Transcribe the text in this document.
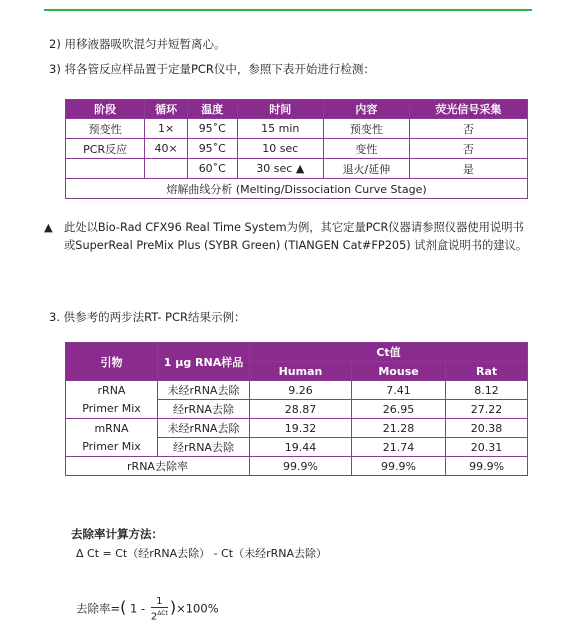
2) 用移液器吸吹混匀并短暂离心。
3) 将各管反应样品置于定量PCR仪中，参照下表开始进行检测：
阶段	循环	温度	时间	内容	荧光信号采集
预变性	1×	95˚C	15 min	预变性	否
PCR反应	40×	95˚C	10 sec	变性	否
		60˚C	30 sec ▲	退火/延伸	是
熔解曲线分析 (Melting/Dissociation Curve Stage)					
▲ 此处以Bio-Rad CFX96 Real Time System为例，其它定量PCR仪器请参照仪器使用说明书或SuperReal PreMix Plus (SYBR Green) (TIANGEN Cat#FP205) 试剂盒说明书的建议。
3. 供参考的两步法RT- PCR结果示例：
引物	1 μg RNA样品	Ct值		
		Human	Mouse	Rat
rRNA	未经rRNA去除	9.26	7.41	8.12
Primer Mix	经rRNA去除	28.87	26.95	27.22
mRNA	未经rRNA去除	19.32	21.28	20.38
Primer Mix	经rRNA去除	19.44	21.74	20.31
rRNA去除率		99.9%	99.9%	99.9%
去除率计算方法：
Δ Ct = Ct（经rRNA去除） - Ct（未经rRNA去除）
去除率=( $1 - \frac{1}{2^{\Delta Ct}} )\times 100\%$
